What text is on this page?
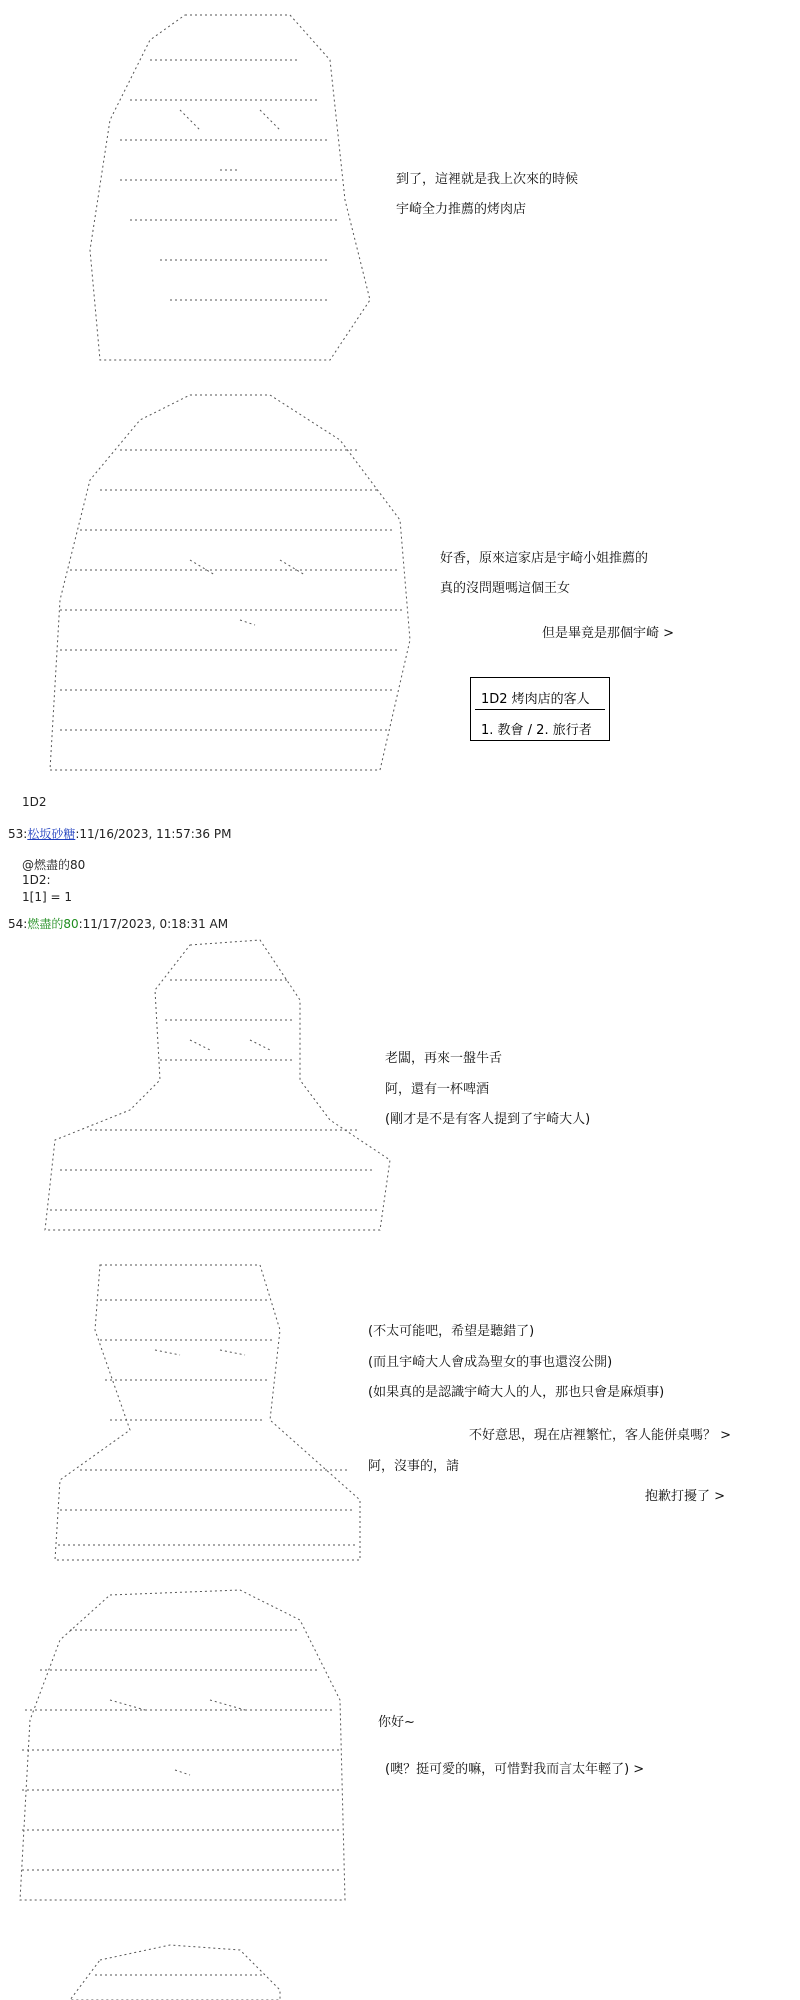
到了，這裡就是我上次來的時候
宇崎全力推薦的烤肉店
好香，原來這家店是宇崎小姐推薦的
真的沒問題嗎這個王女
但是畢竟是那個宇崎 >
1D2 烤肉店的客人
1. 教會 / 2. 旅行者
1D2
53:松坂砂糖:11/16/2023, 11:57:36 PM
@燃盡的80
1D2:
1[1] = 1
54:燃盡的80:11/17/2023, 0:18:31 AM
老闆，再來一盤牛舌
阿，還有一杯啤酒
(剛才是不是有客人提到了宇崎大人)
(不太可能吧，希望是聽錯了)
(而且宇崎大人會成為聖女的事也還沒公開)
(如果真的是認識宇崎大人的人，那也只會是麻煩事)
不好意思，現在店裡繁忙，客人能併桌嗎？ >
阿，沒事的，請
抱歉打擾了 >
你好~
(噢？挺可愛的嘛，可惜對我而言太年輕了) >
